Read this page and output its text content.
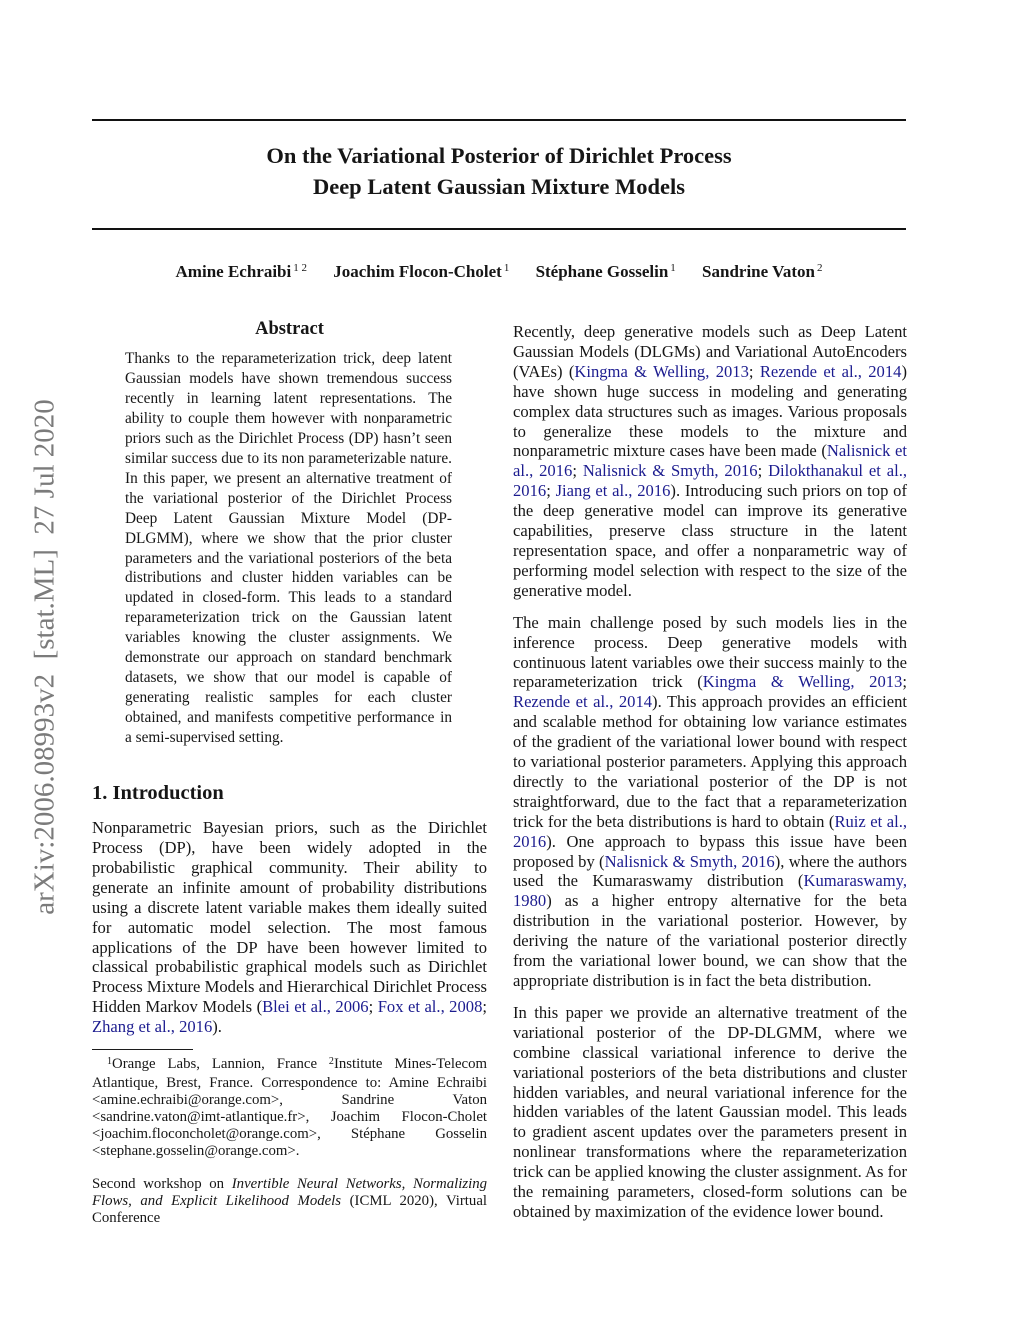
arXiv:2006.08993v2  [stat.ML]  27 Jul 2020
On the Variational Posterior of Dirichlet Process
Deep Latent Gaussian Mixture Models
Amine Echraibi $^{1 2}$ Joachim Flocon-Cholet $^1$ Stéphane Gosselin $^1$ Sandrine Vaton $^2$
Abstract
Thanks to the reparameterization trick, deep latent Gaussian models have shown tremendous success recently in learning latent representations. The ability to couple them however with nonparametric priors such as the Dirichlet Process (DP) hasn’t seen similar success due to its non parameterizable nature. In this paper, we present an alternative treatment of the variational posterior of the Dirichlet Process Deep Latent Gaussian Mixture Model (DP-DLGMM), where we show that the prior cluster parameters and the variational posteriors of the beta distributions and cluster hidden variables can be updated in closed-form. This leads to a standard reparameterization trick on the Gaussian latent variables knowing the cluster assignments. We demonstrate our approach on standard benchmark datasets, we show that our model is capable of generating realistic samples for each cluster obtained, and manifests competitive performance in a semi-supervised setting.
1. Introduction

Nonparametric Bayesian priors, such as the Dirichlet Process (DP), have been widely adopted in the probabilistic graphical community. Their ability to generate an infinite amount of probability distributions using a discrete latent variable makes them ideally suited for automatic model selection. The most famous applications of the DP have been however limited to classical probabilistic graphical models such as Dirichlet Process Mixture Models and Hierarchical Dirichlet Process Hidden Markov Models (Blei et al., 2006; Fox et al., 2008; Zhang et al., 2016).

$^1$Orange Labs, Lannion, France $^2$Institute Mines-Telecom Atlantique, Brest, France. Correspondence to: Amine Echraibi <amine.echraibi@orange.com>, Sandrine Vaton <sandrine.vaton@imt-atlantique.fr>, Joachim Flocon-Cholet <joachim.floconcholet@orange.com>, Stéphane Gosselin <stephane.gosselin@orange.com>.

Second workshop on Invertible Neural Networks, Normalizing Flows, and Explicit Likelihood Models (ICML 2020), Virtual Conference

Recently, deep generative models such as Deep Latent Gaussian Models (DLGMs) and Variational AutoEncoders (VAEs) (Kingma & Welling, 2013; Rezende et al., 2014) have shown huge success in modeling and generating complex data structures such as images. Various proposals to generalize these models to the mixture and nonparametric mixture cases have been made (Nalisnick et al., 2016; Nalisnick & Smyth, 2016; Dilokthanakul et al., 2016; Jiang et al., 2016). Introducing such priors on top of the deep generative model can improve its generative capabilities, preserve class structure in the latent representation space, and offer a nonparametric way of performing model selection with respect to the size of the generative model.

The main challenge posed by such models lies in the inference process. Deep generative models with continuous latent variables owe their success mainly to the reparameterization trick (Kingma & Welling, 2013; Rezende et al., 2014). This approach provides an efficient and scalable method for obtaining low variance estimates of the gradient of the variational lower bound with respect to variational posterior parameters. Applying this approach directly to the variational posterior of the DP is not straightforward, due to the fact that a reparameterization trick for the beta distributions is hard to obtain (Ruiz et al., 2016). One approach to bypass this issue have been proposed by (Nalisnick & Smyth, 2016), where the authors used the Kumaraswamy distribution (Kumaraswamy, 1980) as a higher entropy alternative for the beta distribution in the variational posterior. However, by deriving the nature of the variational posterior directly from the variational lower bound, we can show that the appropriate distribution is in fact the beta distribution.

In this paper we provide an alternative treatment of the variational posterior of the DP-DLGMM, where we combine classical variational inference to derive the variational posteriors of the beta distributions and cluster hidden variables, and neural variational inference for the hidden variables of the latent Gaussian model. This leads to gradient ascent updates over the parameters present in nonlinear transformations where the reparameterization trick can be applied knowing the cluster assignment. As for the remaining parameters, closed-form solutions can be obtained by maximization of the evidence lower bound.
